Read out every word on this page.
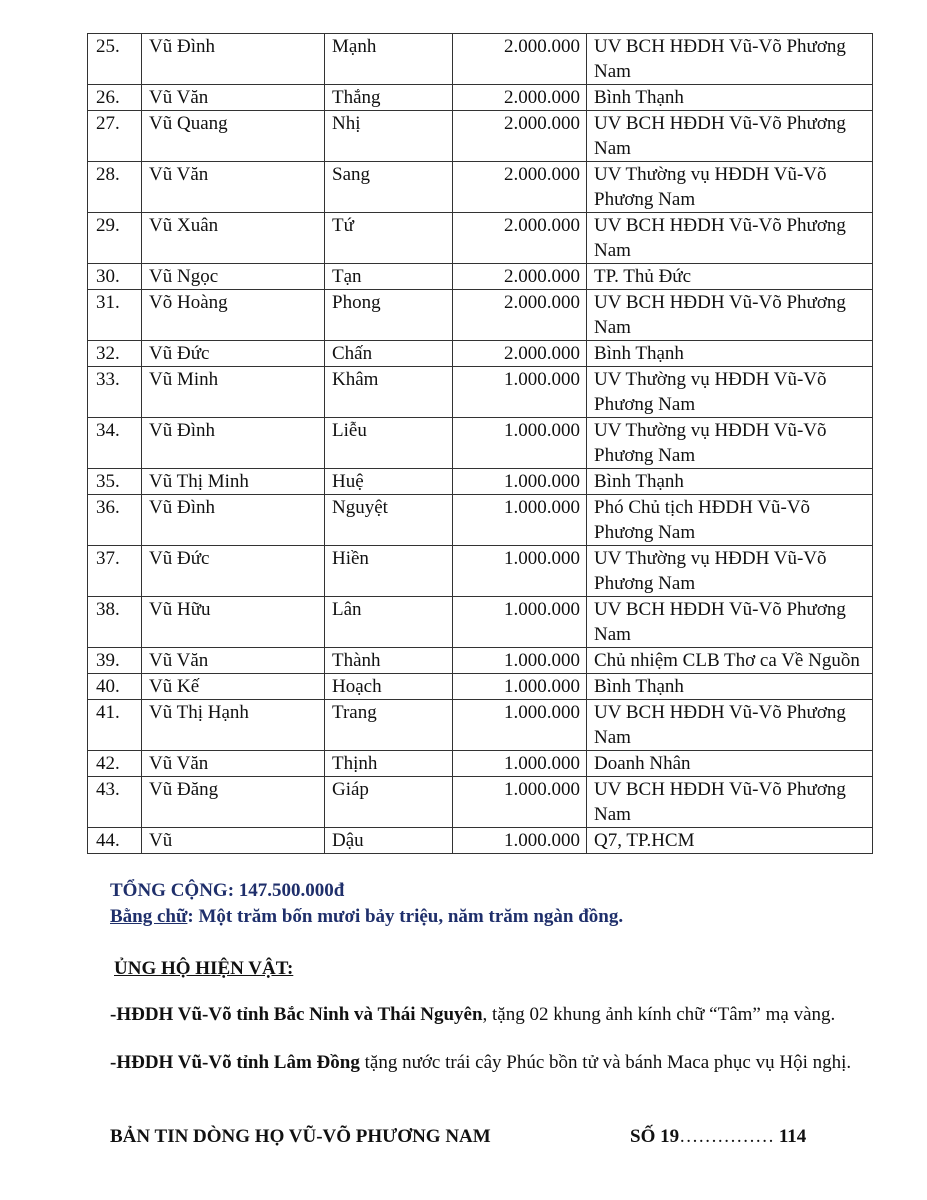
25.	Vũ Đình	Mạnh	2.000.000	UV BCH HĐDH Vũ-Võ Phương Nam
26.	Vũ Văn	Thắng	2.000.000	Bình Thạnh
27.	Vũ Quang	Nhị	2.000.000	UV BCH HĐDH Vũ-Võ Phương Nam
28.	Vũ Văn	Sang	2.000.000	UV Thường vụ HĐDH Vũ-Võ Phương Nam
29.	Vũ Xuân	Tứ	2.000.000	UV BCH HĐDH Vũ-Võ Phương Nam
30.	Vũ Ngọc	Tạn	2.000.000	TP. Thủ Đức
31.	Võ Hoàng	Phong	2.000.000	UV BCH HĐDH Vũ-Võ Phương Nam
32.	Vũ Đức	Chấn	2.000.000	Bình Thạnh
33.	Vũ Minh	Khâm	1.000.000	UV Thường vụ HĐDH Vũ-Võ Phương Nam
34.	Vũ Đình	Liễu	1.000.000	UV Thường vụ HĐDH Vũ-Võ Phương Nam
35.	Vũ Thị Minh	Huệ	1.000.000	Bình Thạnh
36.	Vũ Đình	Nguyệt	1.000.000	Phó Chủ tịch HĐDH Vũ-Võ Phương Nam
37.	Vũ Đức	Hiền	1.000.000	UV Thường vụ HĐDH Vũ-Võ Phương Nam
38.	Vũ Hữu	Lân	1.000.000	UV BCH HĐDH Vũ-Võ Phương Nam
39.	Vũ Văn	Thành	1.000.000	Chủ nhiệm CLB Thơ ca Về Nguồn
40.	Vũ Kế	Hoạch	1.000.000	Bình Thạnh
41.	Vũ Thị Hạnh	Trang	1.000.000	UV BCH HĐDH Vũ-Võ Phương Nam
42.	Vũ Văn	Thịnh	1.000.000	Doanh Nhân
43.	Vũ Đăng	Giáp	1.000.000	UV BCH HĐDH Vũ-Võ Phương Nam
44.	Vũ	Dậu	1.000.000	Q7, TP.HCM
TỔNG CỘNG: 147.500.000đ
Bằng chữ: Một trăm bốn mươi bảy triệu, năm trăm ngàn đồng.
ỦNG HỘ HIỆN VẬT:
-HĐDH Vũ-Võ tỉnh Bắc Ninh và Thái Nguyên, tặng 02 khung ảnh kính chữ “Tâm” mạ vàng.
-HĐDH Vũ-Võ tỉnh Lâm Đồng tặng nước trái cây Phúc bồn tử và bánh Maca phục vụ Hội nghị.
BẢN TIN DÒNG HỌ VŨ-VÕ PHƯƠNG NAM	SỐ 19…………… 114
